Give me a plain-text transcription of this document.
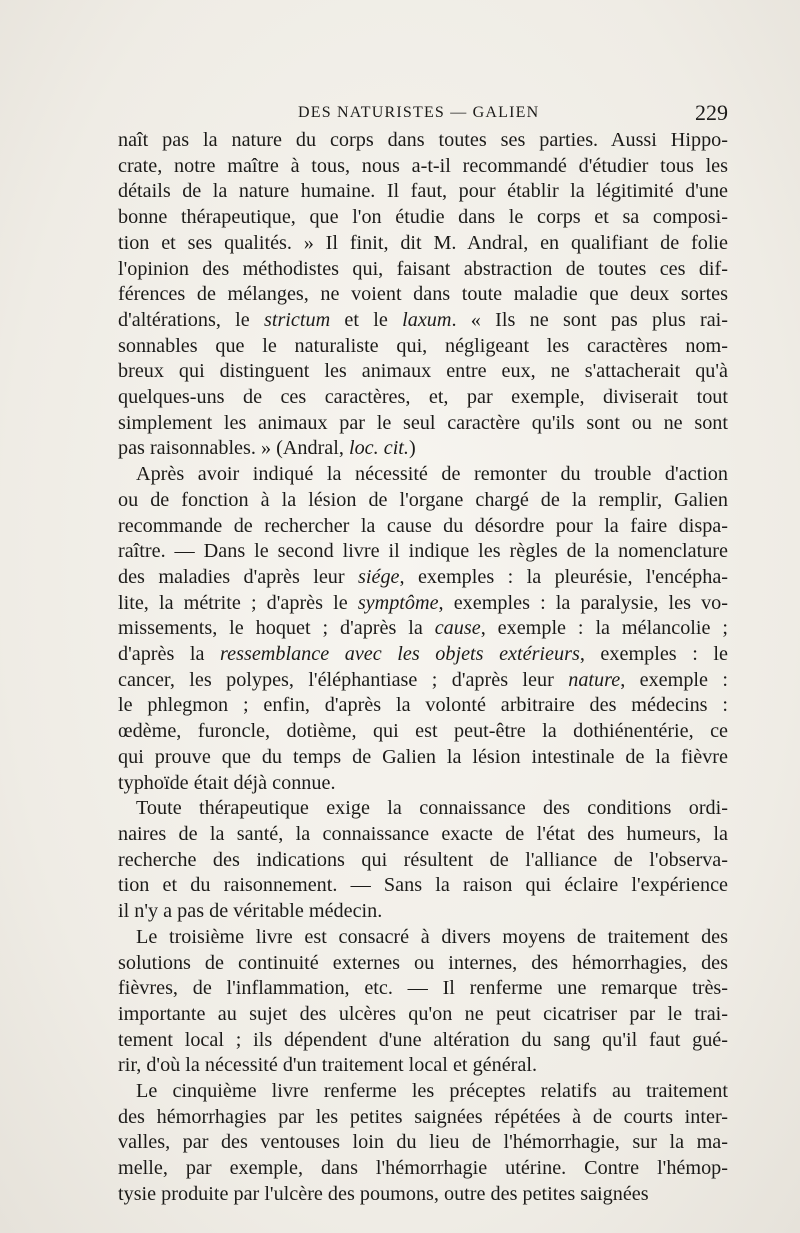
DES NATURISTES — GALIEN	229

naît pas la nature du corps dans toutes ses parties. Aussi Hippo-
crate, notre maître à tous, nous a-t-il recommandé d'étudier tous les
détails de la nature humaine. Il faut, pour établir la légitimité d'une
bonne thérapeutique, que l'on étudie dans le corps et sa composi-
tion et ses qualités. » Il finit, dit M. Andral, en qualifiant de folie
l'opinion des méthodistes qui, faisant abstraction de toutes ces dif-
férences de mélanges, ne voient dans toute maladie que deux sortes
d'altérations, le strictum et le laxum. « Ils ne sont pas plus rai-
sonnables que le naturaliste qui, négligeant les caractères nom-
breux qui distinguent les animaux entre eux, ne s'attacherait qu'à
quelques-uns de ces caractères, et, par exemple, diviserait tout
simplement les animaux par le seul caractère qu'ils sont ou ne sont
pas raisonnables. » (Andral, loc. cit.)

Après avoir indiqué la nécessité de remonter du trouble d'action
ou de fonction à la lésion de l'organe chargé de la remplir, Galien
recommande de rechercher la cause du désordre pour la faire dispa-
raître. — Dans le second livre il indique les règles de la nomenclature
des maladies d'après leur siége, exemples : la pleurésie, l'encépha-
lite, la métrite ; d'après le symptôme, exemples : la paralysie, les vo-
missements, le hoquet ; d'après la cause, exemple : la mélancolie ;
d'après la ressemblance avec les objets extérieurs, exemples : le
cancer, les polypes, l'éléphantiase ; d'après leur nature, exemple :
le phlegmon ; enfin, d'après la volonté arbitraire des médecins :
œdème, furoncle, dotième, qui est peut-être la dothiénentérie, ce
qui prouve que du temps de Galien la lésion intestinale de la fièvre
typhoïde était déjà connue.

Toute thérapeutique exige la connaissance des conditions ordi-
naires de la santé, la connaissance exacte de l'état des humeurs, la
recherche des indications qui résultent de l'alliance de l'observa-
tion et du raisonnement. — Sans la raison qui éclaire l'expérience
il n'y a pas de véritable médecin.

Le troisième livre est consacré à divers moyens de traitement des
solutions de continuité externes ou internes, des hémorrhagies, des
fièvres, de l'inflammation, etc. — Il renferme une remarque très-
importante au sujet des ulcères qu'on ne peut cicatriser par le trai-
tement local ; ils dépendent d'une altération du sang qu'il faut gué-
rir, d'où la nécessité d'un traitement local et général.

Le cinquième livre renferme les préceptes relatifs au traitement
des hémorrhagies par les petites saignées répétées à de courts inter-
valles, par des ventouses loin du lieu de l'hémorrhagie, sur la ma-
melle, par exemple, dans l'hémorrhagie utérine. Contre l'hémop-
tysie produite par l'ulcère des poumons, outre des petites saignées
